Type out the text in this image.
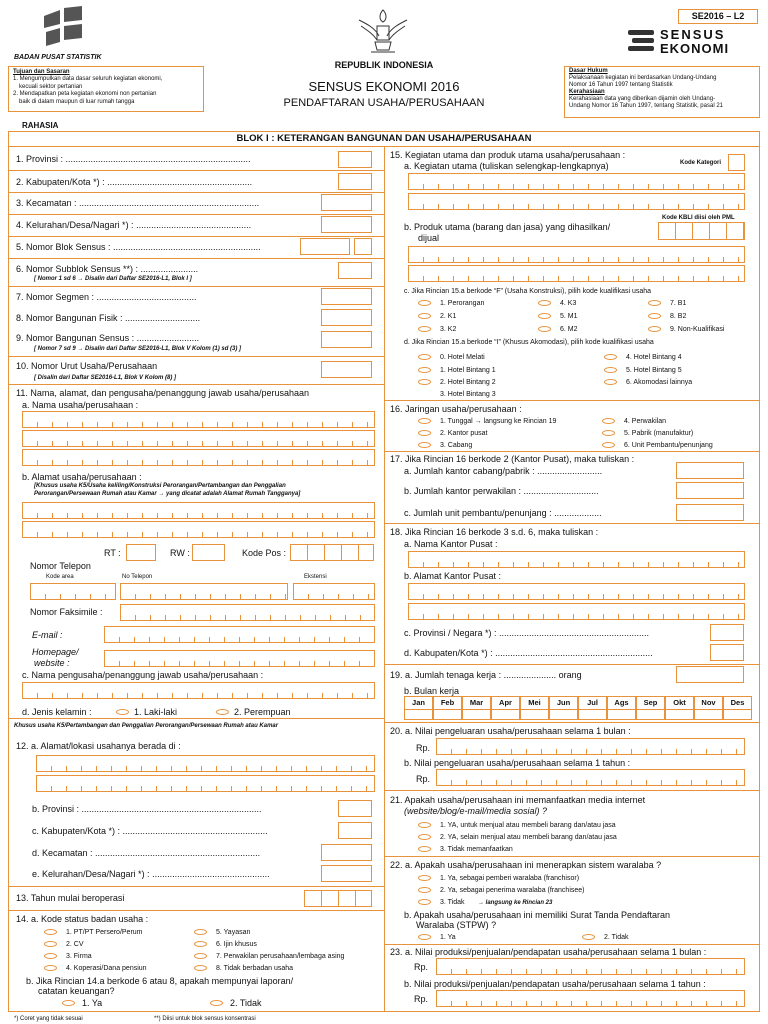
BADAN PUSAT STATISTIK
REPUBLIK INDONESIA
SENSUS EKONOMI 2016
PENDAFTARAN USAHA/PERUSAHAAN
SE2016 – L2
SENSUS
EKONOMI
Tujuan dan Sasaran
1. Mengumpulkan data dasar seluruh kegiatan ekonomi,
kecuali sektor pertanian
2. Mendapatkan peta kegiatan ekonomi non pertanian
baik di dalam maupun di luar rumah tangga
Dasar Hukum
Pelaksanaan kegiatan ini berdasarkan Undang-Undang
Nomor 16 Tahun 1997 tentang Statistik
Kerahasiaan
Kerahasiaan data yang diberikan dijamin oleh Undang-
Undang Nomor 16 Tahun 1997, tentang Statistik, pasal 21
RAHASIA
BLOK I : KETERANGAN BANGUNAN DAN USAHA/PERUSAHAAN
1. Provinsi : ..........................................................................
2. Kabupaten/Kota *) : ..........................................................
3. Kecamatan : ........................................................................
4. Kelurahan/Desa/Nagari *) : ..............................................
5. Nomor Blok Sensus : ...........................................................
6. Nomor Subblok Sensus **) : .......................
[ Nomor 1 sd 6 → Disalin dari Daftar SE2016-L1, Blok I ]
7. Nomor Segmen : ........................................
8. Nomor Bangunan Fisik : ..............................
9. Nomor Bangunan Sensus : .........................
[ Nomor 7 sd 9 → Disalin dari Daftar SE2016-L1, Blok V Kolom (1) sd (3) ]
10. Nomor Urut Usaha/Perusahaan
[ Disalin dari Daftar SE2016-L1, Blok V Kolom (8) ]
11. Nama, alamat, dan pengusaha/penanggung jawab usaha/perusahaan
a. Nama usaha/perusahaan :
b. Alamat usaha/perusahaan :
[Khusus usaha K5/Usaha keliling/Konstruksi Perorangan/Pertambangan dan Penggalian
Perorangan/Persewaan Rumah atau Kamar → yang dicatat adalah Alamat Rumah Tangganya]
RT :	RW :	Kode Pos :
Nomor Telepon
Kode area	No Telepon	Ekstensi
Nomor Faksimile :
E-mail :
Homepage/
website :
c. Nama pengusaha/penanggung jawab usaha/perusahaan :
d. Jenis kelamin :	1. Laki-laki	2. Perempuan
Khusus usaha K5/Pertambangan dan Penggalian Perorangan/Persewaan Rumah atau Kamar
12. a. Alamat/lokasi usahanya berada di :
b. Provinsi : ........................................................................
c. Kabupaten/Kota *) : ..........................................................
d. Kecamatan : ..................................................................
e. Kelurahan/Desa/Nagari *) : ...............................................
13. Tahun mulai beroperasi
14. a. Kode status badan usaha :
1. PT/PT Persero/Perum
2. CV
3. Firma
4. Koperasi/Dana pensiun
5. Yayasan
6. Ijin khusus
7. Perwakilan perusahaan/lembaga asing
8. Tidak berbadan usaha
b. Jika Rincian 14.a berkode 6 atau 8, apakah mempunyai laporan/
catatan keuangan?
1. Ya	2. Tidak
15. Kegiatan utama dan produk utama usaha/perusahaan :
a. Kegiatan utama (tuliskan selengkap-lengkapnya)	Kode Kategori
Kode KBLI diisi oleh PML
b. Produk utama (barang dan jasa) yang dihasilkan/
dijual
c. Jika Rincian 15.a berkode “F” (Usaha Konstruksi), pilih kode kualifikasi usaha
1. Perorangan
2. K1
3. K2
4. K3
5. M1
6. M2
7. B1
8. B2
9. Non-Kualifikasi
d. Jika Rincian 15.a berkode “I” (Khusus Akomodasi), pilih kode kualifikasi usaha
0. Hotel Melati
1. Hotel Bintang 1
2. Hotel Bintang 2
3. Hotel Bintang 3
4. Hotel Bintang 4
5. Hotel Bintang 5
6. Akomodasi lainnya
16. Jaringan usaha/perusahaan :
1. Tunggal → langsung ke Rincian 19
2. Kantor pusat
3. Cabang
4. Perwakilan
5. Pabrik (manufaktur)
6. Unit Pembantu/penunjang
17. Jika Rincian 16 berkode 2 (Kantor Pusat), maka tuliskan :
a. Jumlah kantor cabang/pabrik : ..........................
b. Jumlah kantor perwakilan : ..............................
c. Jumlah unit pembantu/penunjang : ...................
18. Jika Rincian 16 berkode 3 s.d. 6, maka tuliskan :
a. Nama Kantor Pusat :
b. Alamat Kantor Pusat :
c. Provinsi / Negara *) : ............................................................
d. Kabupaten/Kota *) : ...............................................................
19. a. Jumlah tenaga kerja : ..................... orang
b. Bulan kerja
Jan	Feb	Mar	Apr	Mei	Jun	Jul	Ags	Sep	Okt	Nov	Des
20. a. Nilai pengeluaran usaha/perusahaan selama 1 bulan :
Rp.
b. Nilai pengeluaran usaha/perusahaan selama 1 tahun :
Rp.
21. Apakah usaha/perusahaan ini memanfaatkan media internet
(website/blog/e-mail/media sosial) ?
1. YA, untuk menjual atau membeli barang dan/atau jasa
2. YA, selain menjual atau membeli barang dan/atau jasa
3. Tidak memanfaatkan
22. a. Apakah usaha/perusahaan ini menerapkan sistem waralaba ?
1. Ya, sebagai pemberi waralaba (franchisor)
2. Ya, sebagai penerima waralaba (franchisee)
3. Tidak → langsung ke Rincian 23
b. Apakah usaha/perusahaan ini memiliki Surat Tanda Pendaftaran
Waralaba (STPW) ?
1. Ya	2. Tidak
23. a. Nilai produksi/penjualan/pendapatan usaha/perusahaan selama 1 bulan :
Rp.
b. Nilai produksi/penjualan/pendapatan usaha/perusahaan selama 1 tahun :
Rp.
*) Coret yang tidak sesuai	**) Diisi untuk blok sensus konsentrasi
